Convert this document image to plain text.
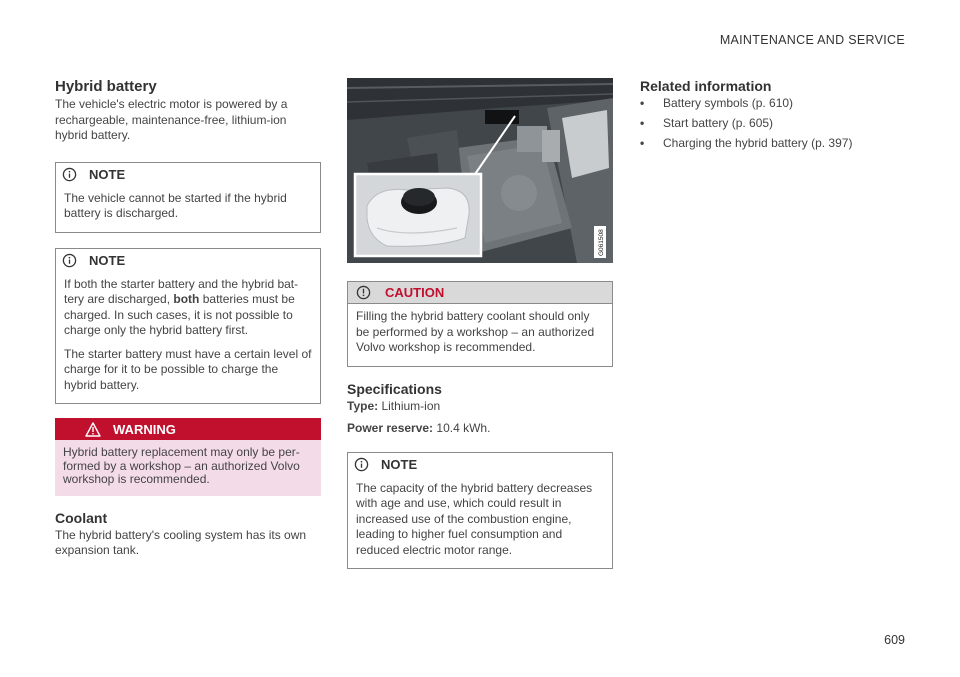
MAINTENANCE AND SERVICE
Hybrid battery

The vehicle's electric motor is powered by a rechargeable, maintenance-free, lithium-ion hybrid battery.

NOTE

The vehicle cannot be started if the hybrid battery is discharged.

NOTE

If both the starter battery and the hybrid bat-tery are discharged, both batteries must be charged. In such cases, it is not possible to charge only the hybrid battery first.

The starter battery must have a certain level of charge for it to be possible to charge the hybrid battery.

WARNING

Hybrid battery replacement may only be per-formed by a workshop – an authorized Volvo workshop is recommended.

Coolant

The hybrid battery's cooling system has its own expansion tank.

G061508
CAUTION

Filling the hybrid battery coolant should only be performed by a workshop – an authorized Volvo workshop is recommended.

Specifications

Type: Lithium-ion

Power reserve: 10.4 kWh.

NOTE

The capacity of the hybrid battery decreases with age and use, which could result in increased use of the combustion engine, leading to higher fuel consumption and reduced electric motor range.

Related information
•	Battery symbols (p. 610)
•	Start battery (p. 605)
•	Charging the hybrid battery (p. 397)
609
